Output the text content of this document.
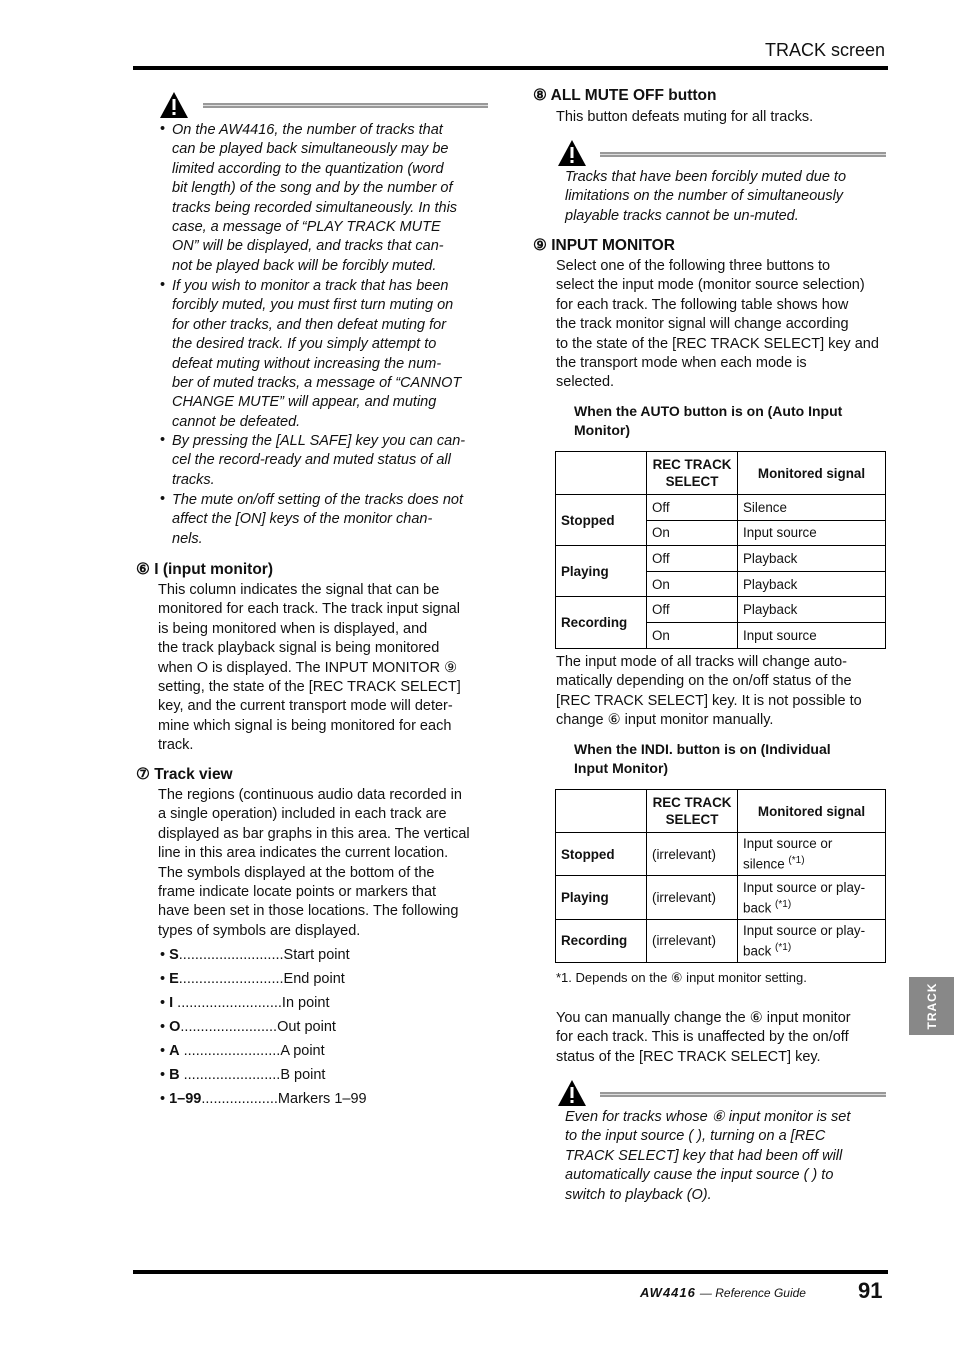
TRACK screen
• On the AW4416, the number of tracks that
can be played back simultaneously may be
limited according to the quantization (word
bit length) of the song and by the number of
tracks being recorded simultaneously. In this
case, a message of “PLAY TRACK MUTE
ON” will be displayed, and tracks that can-
not be played back will be forcibly muted.
• If you wish to monitor a track that has been
forcibly muted, you must first turn muting on
for other tracks, and then defeat muting for
the desired track. If you simply attempt to
defeat muting without increasing the num-
ber of muted tracks, a message of “CANNOT
CHANGE MUTE” will appear, and muting
cannot be defeated.
• By pressing the [ALL SAFE] key you can can-
cel the record-ready and muted status of all
tracks.
• The mute on/off setting of the tracks does not
affect the [ON] keys of the monitor chan-
nels.
⑥ I (input monitor)
This column indicates the signal that can be
monitored for each track. The track input signal
is being monitored when is displayed, and
the track playback signal is being monitored
when O is displayed. The INPUT MONITOR ⑨
setting, the state of the [REC TRACK SELECT]
key, and the current transport mode will deter-
mine which signal is being monitored for each
track.
⑦ Track view
The regions (continuous audio data recorded in
a single operation) included in each track are
displayed as bar graphs in this area. The vertical
line in this area indicates the current location.
The symbols displayed at the bottom of the
frame indicate locate points or markers that
have been set in those locations. The following
types of symbols are displayed.
• S..........................Start point
• E..........................End point
• I ..........................In point
• O........................Out point
• A ........................A point
• B ........................B point
• 1–99...................Markers 1–99
⑧ ALL MUTE OFF button
This button defeats muting for all tracks.
Tracks that have been forcibly muted due to
limitations on the number of simultaneously
playable tracks cannot be un-muted.
⑨ INPUT MONITOR
Select one of the following three buttons to
select the input mode (monitor source selection)
for each track. The following table shows how
the track monitor signal will change according
to the state of the [REC TRACK SELECT] key and
the transport mode when each mode is
selected.
When the AUTO button is on (Auto Input
Monitor)

	REC TRACK
SELECT	Monitored signal
Stopped	Off	Silence
	On	Input source
Playing	Off	Playback
	On	Playback
Recording	Off	Playback
	On	Input source
The input mode of all tracks will change auto-
matically depending on the on/off status of the
[REC TRACK SELECT] key. It is not possible to
change ⑥ input monitor manually.
When the INDI. button is on (Individual
Input Monitor)

	REC TRACK
SELECT	Monitored signal
Stopped	(irrelevant)	Input source or
silence $^{(*1)}$
Playing	(irrelevant)	Input source or play-
back $^{(*1)}$
Recording	(irrelevant)	Input source or play-
back $^{(*1)}$
*1. Depends on the ⑥ input monitor setting.
You can manually change the ⑥ input monitor
for each track. This is unaffected by the on/off
status of the [REC TRACK SELECT] key.
Even for tracks whose ⑥ input monitor is set
to the input source ( ), turning on a [REC
TRACK SELECT] key that had been off will
automatically cause the input source ( ) to
switch to playback (O).
TRACK
AW4416 — Reference Guide 91
